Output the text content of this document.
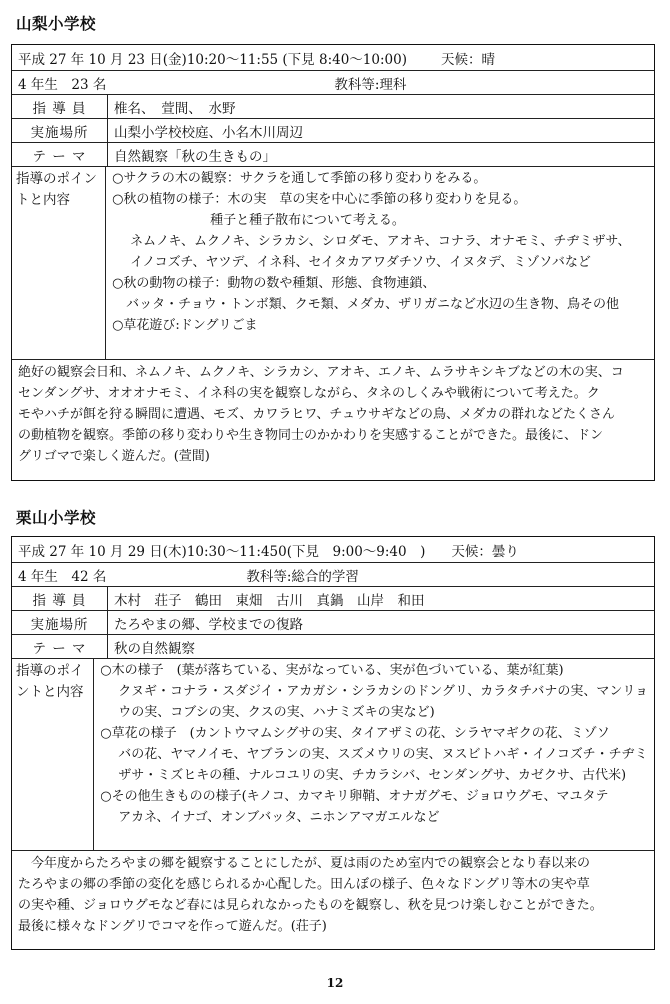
山梨小学校
平成 27 年 10 月 23 日(金)10:20～11:55 (下見 8:40～10:00)	天候：晴
4 年生　23 名	教科等:理科
指 導 員	椎名、　萱間、　水野
実施場所	山梨小学校校庭、小名木川周辺
テ ー マ	自然観察「秋の生きもの」
指導のポイントと内容
○サクラの木の観察：サクラを通して季節の移り変わりをみる。
○秋の植物の様子：木の実　草の実を中心に季節の移り変わりを見る。
種子と種子散布について考える。
ネムノキ、ムクノキ、シラカシ、シロダモ、アオキ、コナラ、オナモミ、チヂミザサ、
イノコズチ、ヤツデ、イネ科、セイタカアワダチソウ、イヌタデ、ミゾソバなど
○秋の動物の様子：動物の数や種類、形態、食物連鎖、
バッタ・チョウ・トンボ類、クモ類、メダカ、ザリガニなど水辺の生き物、鳥その他
○草花遊び:ドングリごま
絶好の観察会日和、ネムノキ、ムクノキ、シラカシ、アオキ、エノキ、ムラサキシキブなどの木の実、コ
センダングサ、オオオナモミ、イネ科の実を観察しながら、タネのしくみや戦術について考えた。ク
モやハチが餌を狩る瞬間に遭遇、モズ、カワラヒワ、チュウサギなどの鳥、メダカの群れなどたくさん
の動植物を観察。季節の移り変わりや生き物同士のかかわりを実感することができた。最後に、ドン
グリゴマで楽しく遊んだ。(萱間)
栗山小学校
平成 27 年 10 月 29 日(木)10:30～11:450(下見　9:00～9:40　) 天候：曇り
4 年生　42 名	教科等:総合的学習
指 導 員	木村　荘子　鶴田　東畑　古川　真鍋　山岸　和田
実施場所	たろやまの郷、学校までの復路
テ ー マ	秋の自然観察
指導のポイントと内容
○木の様子　(葉が落ちている、実がなっている、実が色づいている、葉が紅葉)
クヌギ・コナラ・スダジイ・アカガシ・シラカシのドングリ、カラタチバナの実、マンリョ
ウの実、コブシの実、クスの実、ハナミズキの実など)
○草花の様子　(カントウマムシグサの実、タイアザミの花、シラヤマギクの花、ミゾソ
バの花、ヤマノイモ、ヤブランの実、スズメウリの実、ヌスビトハギ・イノコズチ・チヂミ
ザサ・ミズヒキの種、ナルコユリの実、チカラシバ、センダングサ、カゼクサ、古代米)
○その他生きものの様子(キノコ、カマキリ卵鞘、オナガグモ、ジョロウグモ、マユタテ
アカネ、イナゴ、オンブバッタ、ニホンアマガエルなど
　今年度からたろやまの郷を観察することにしたが、夏は雨のため室内での観察会となり春以来の
たろやまの郷の季節の変化を感じられるか心配した。田んぼの様子、色々なドングリ等木の実や草
の実や種、ジョロウグモなど春には見られなかったものを観察し、秋を見つけ楽しむことができた。
最後に様々なドングリでコマを作って遊んだ。(荘子)
12
